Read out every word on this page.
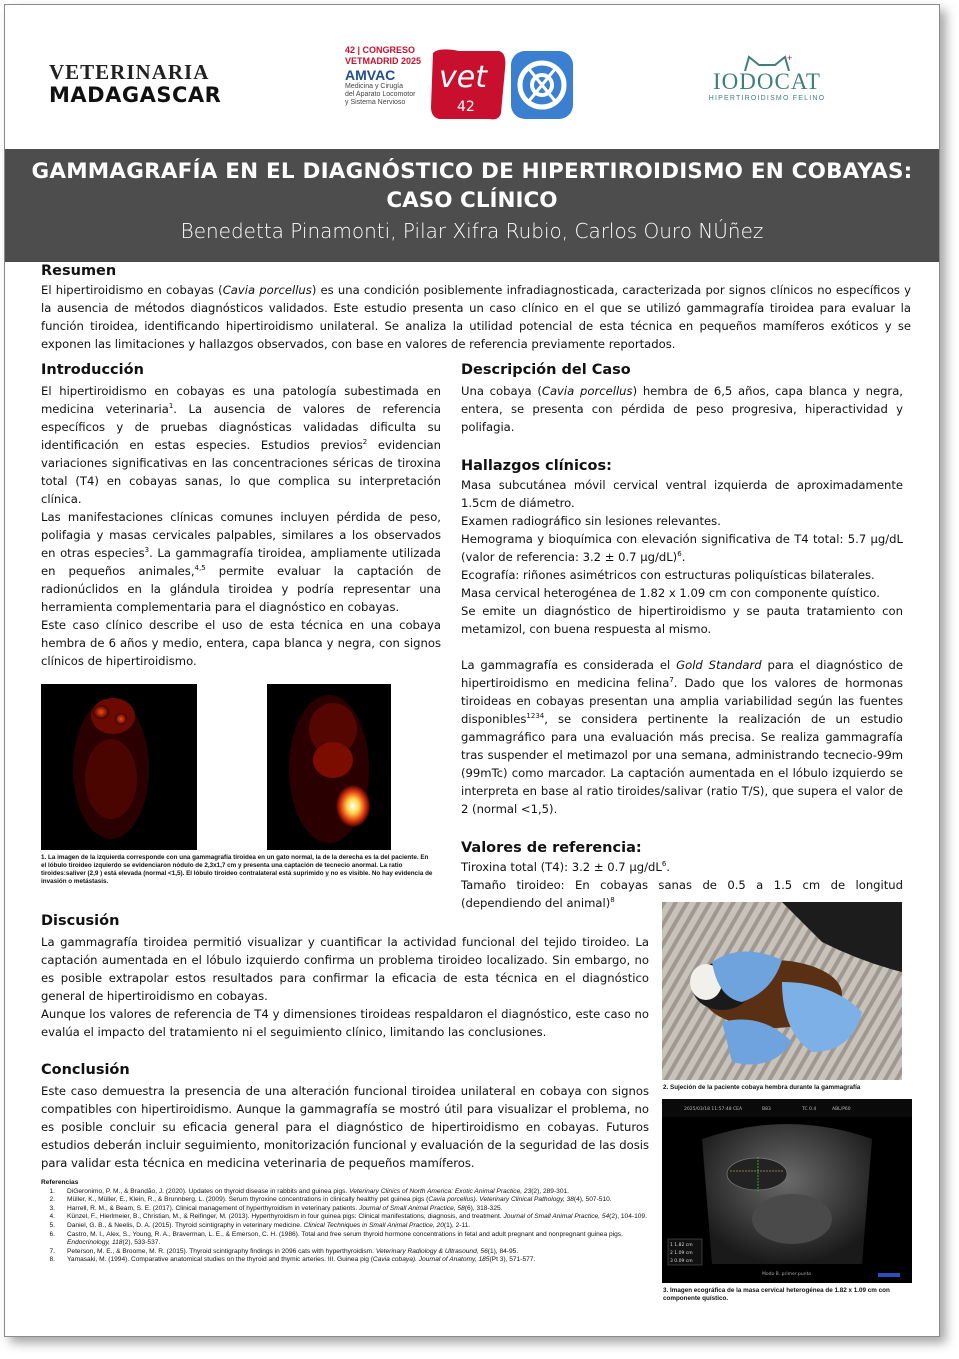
VETERINARIA
MADAGASCAR
42 | CONGRESO
VETMADRID 2025
AMVAC
Medicina y Cirugía
del Aparato Locomotor
y Sistema Nervioso
vet
42
+
IODOCAT
HIPERTIROIDISMO FELINO
GAMMAGRAFÍA EN EL DIAGNÓSTICO DE HIPERTIROIDISMO EN COBAYAS:
CASO CLÍNICO
Benedetta Pinamonti, Pilar Xifra Rubio, Carlos Ouro NÚñez
Resumen
El hipertiroidismo en cobayas (Cavia porcellus) es una condición posiblemente infradiagnosticada, caracterizada por signos clínicos no específicos y la ausencia de métodos diagnósticos validados. Este estudio presenta un caso clínico en el que se utilizó gammagrafía tiroidea para evaluar la función tiroidea, identificando hipertiroidismo unilateral. Se analiza la utilidad potencial de esta técnica en pequeños mamíferos exóticos y se exponen las limitaciones y hallazgos observados, con base en valores de referencia previamente reportados.
Introducción

El hipertiroidismo en cobayas es una patología subestimada en medicina veterinaria$^1$. La ausencia de valores de referencia específicos y de pruebas diagnósticas validadas dificulta su identificación en estas especies. Estudios previos$^2$ evidencian variaciones significativas en las concentraciones séricas de tiroxina total (T4) en cobayas sanas, lo que complica su interpretación clínica.

Las manifestaciones clínicas comunes incluyen pérdida de peso, polifagia y masas cervicales palpables, similares a los observados en otras especies$^3$. La gammagrafía tiroidea, ampliamente utilizada en pequeños animales,$^{4,5}$ permite evaluar la captación de radionúclidos en la glándula tiroidea y podría representar una herramienta complementaria para el diagnóstico en cobayas.

Este caso clínico describe el uso de esta técnica en una cobaya hembra de 6 años y medio, entera, capa blanca y negra, con signos clínicos de hipertiroidismo.

1. La imagen de la izquierda corresponde con una gammagrafía tiroidea en un gato normal, la de la derecha es la del paciente. En el lóbulo tiroideo izquierdo se evidenciaron nódulo de 2,3x1,7 cm y presenta una captación de tecnecio anormal. La ratio tiroides:saliver (2,9 ) está elevada (normal <1,5). El lóbulo tiroideo contralateral está suprimido y no es visible. No hay evidencia de invasión o metástasis.
Descripción del Caso
Una cobaya (Cavia porcellus) hembra de 6,5 años, capa blanca y negra, entera, se presenta con pérdida de peso progresiva, hiperactividad y polifagia.
Hallazgos clínicos:

Masa subcutánea móvil cervical ventral izquierda de aproximadamente 1.5cm de diámetro.

Examen radiográfico sin lesiones relevantes.

Hemograma y bioquímica con elevación significativa de T4 total: 5.7 µg/dL (valor de referencia: 3.2 ± 0.7 µg/dL)$^6$.

Ecografía: riñones asimétricos con estructuras poliquísticas bilaterales.

Masa cervical heterogénea de 1.82 x 1.09 cm con componente quístico.

Se emite un diagnóstico de hipertiroidismo y se pauta tratamiento con metamizol, con buena respuesta al mismo.

La gammagrafía es considerada el Gold Standard para el diagnóstico de hipertiroidismo en medicina felina$^7$. Dado que los valores de hormonas tiroideas en cobayas presentan una amplia variabilidad según las fuentes disponibles$^{1234}$, se considera pertinente la realización de un estudio gammagráfico para una evaluación más precisa. Se realiza gammagrafía tras suspender el metimazol por una semana, administrando tecnecio-99m (99mTc) como marcador. La captación aumentada en el lóbulo izquierdo se interpreta en base al ratio tiroides/salivar (ratio T/S), que supera el valor de 2 (normal <1,5).

Valores de referencia:

Tiroxina total (T4): 3.2 ± 0.7 $\mu g/dL^6$.

Tamaño tiroideo: En cobayas sanas de 0.5 a 1.5 cm de longitud (dependiendo del animal)$^8$

2. Sujeción de la paciente cobaya hembra durante la gammagrafía
2025/03/18 11:57:48 CEA	B83	TC 0.4	ABL/P60
1 1.82 cm
2 1.09 cm
3 0.09 cm
Modo B. primer punto
3. Imagen ecográfica de la masa cervical heterogénea de 1.82 x 1.09 cm con componente quístico.
Discusión

La gammagrafía tiroidea permitió visualizar y cuantificar la actividad funcional del tejido tiroideo. La captación aumentada en el lóbulo izquierdo confirma un problema tiroideo localizado. Sin embargo, no es posible extrapolar estos resultados para confirmar la eficacia de esta técnica en el diagnóstico general de hipertiroidismo en cobayas.

Aunque los valores de referencia de T4 y dimensiones tiroideas respaldaron el diagnóstico, este caso no evalúa el impacto del tratamiento ni el seguimiento clínico, limitando las conclusiones.

Conclusión

Este caso demuestra la presencia de una alteración funcional tiroidea unilateral en cobaya con signos compatibles con hipertiroidismo. Aunque la gammagrafía se mostró útil para visualizar el problema, no es posible concluir su eficacia general para el diagnóstico de hipertiroidismo en cobayas. Futuros estudios deberán incluir seguimiento, monitorización funcional y evaluación de la seguridad de las dosis para validar esta técnica en medicina veterinaria de pequeños mamíferos.

Referencias
1.	DiGeronimo, P. M., & Brandão, J. (2020). Updates on thyroid disease in rabbits and guinea pigs. Veterinary Clinics of North America: Exotic Animal Practice, 23(2), 289-301.
2.	Müller, K., Müller, E., Klein, R., & Brunnberg, L. (2009). Serum thyroxine concentrations in clinically healthy pet guinea pigs (Cavia porcellus). Veterinary Clinical Pathology, 38(4), 507-510.
3.	Harrell, R. M., & Beam, S. E. (2017). Clinical management of hyperthyroidism in veterinary patients. Journal of Small Animal Practice, 58(6), 318-325.
4.	Künzel, F., Hierlmeier, B., Christian, M., & Reifinger, M. (2013). Hyperthyroidism in four guinea pigs: Clinical manifestations, diagnosis, and treatment. Journal of Small Animal Practice, 54(2), 104-109.
5.	Daniel, G. B., & Neelis, D. A. (2015). Thyroid scintigraphy in veterinary medicine. Clinical Techniques in Small Animal Practice, 20(1), 2-11.
6.	Castro, M. I., Alex, S., Young, R. A., Braverman, L. E., & Emerson, C. H. (1986). Total and free serum thyroid hormone concentrations in fetal and adult pregnant and nonpregnant guinea pigs. Endocrinology, 118(2), 533-537.
7.	Peterson, M. E., & Broome, M. R. (2015). Thyroid scintigraphy findings in 2096 cats with hyperthyroidism. Veterinary Radiology & Ultrasound, 56(1), 84-95.
8.	Yamasaki, M. (1994). Comparative anatomical studies on the thyroid and thymic arteries. III. Guinea pig (Cavia cobaya). Journal of Anatomy, 185(Pt 3), 571-577.
